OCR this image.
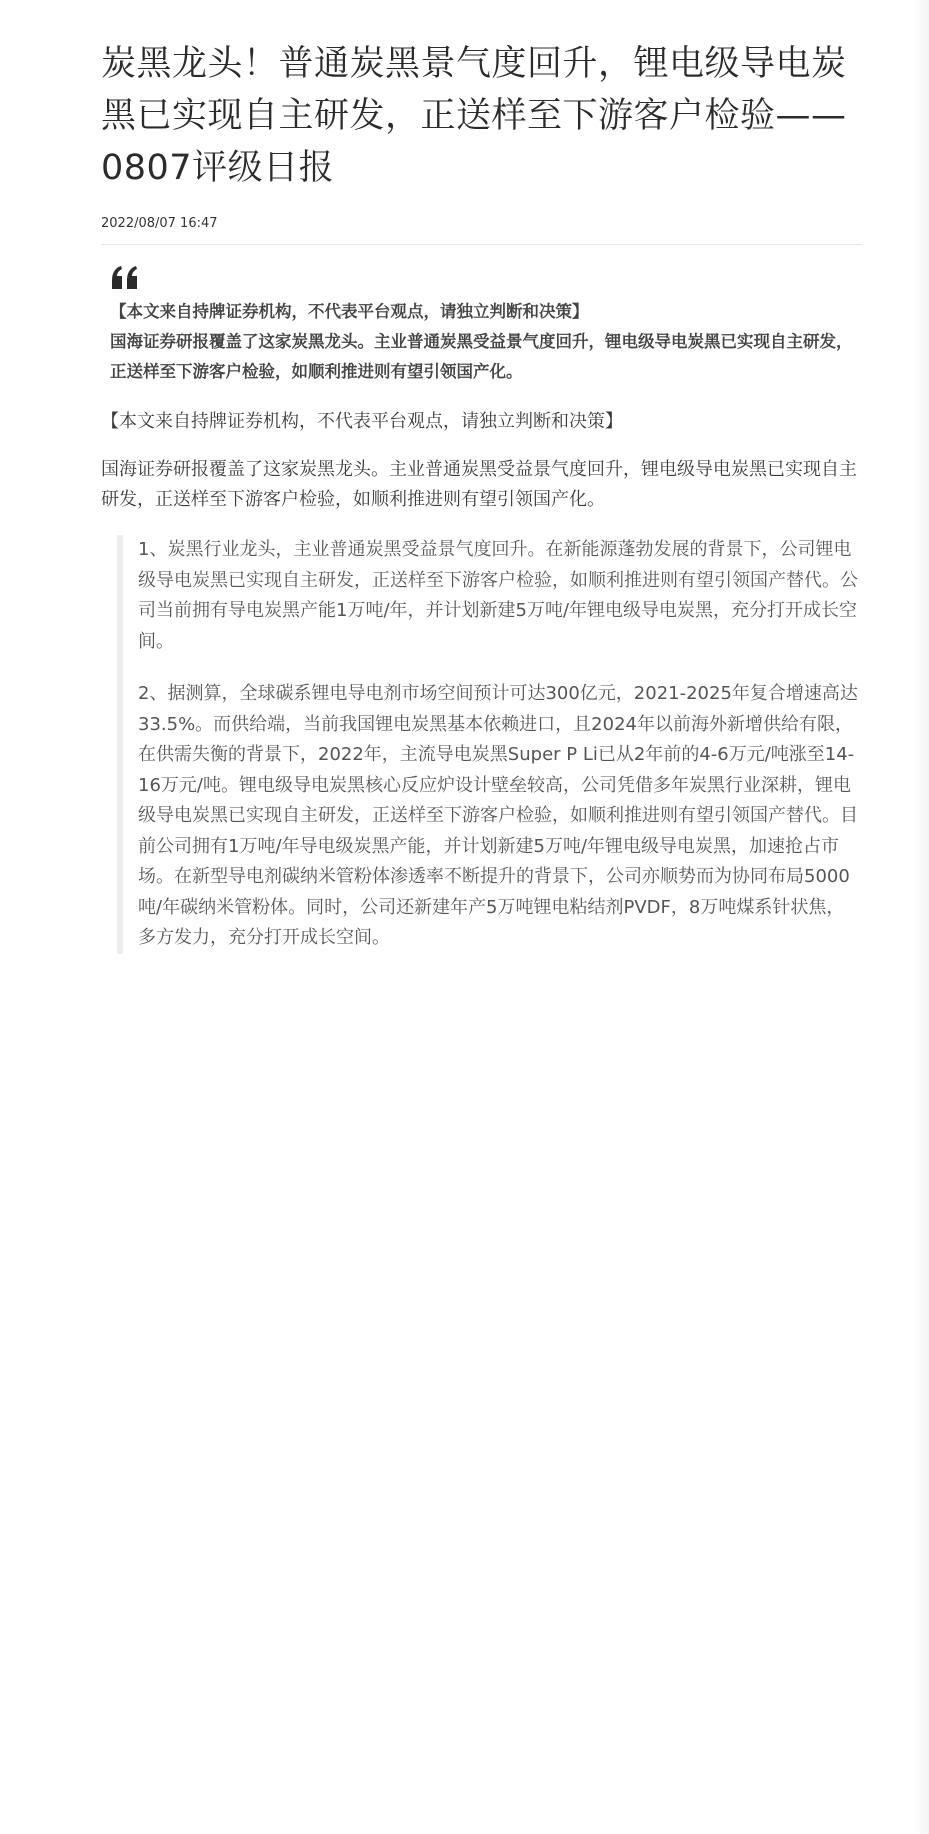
炭黑龙头！普通炭黑景气度回升，锂电级导电炭黑已实现自主研发，正送样至下游客户检验——0807评级日报
2022/08/07 16:47

【本文来自持牌证券机构，不代表平台观点，请独立判断和决策】

国海证券研报覆盖了这家炭黑龙头。主业普通炭黑受益景气度回升，锂电级导电炭黑已实现自主研发，正送样至下游客户检验，如顺利推进则有望引领国产化。

【本文来自持牌证券机构，不代表平台观点，请独立判断和决策】

国海证券研报覆盖了这家炭黑龙头。主业普通炭黑受益景气度回升，锂电级导电炭黑已实现自主研发，正送样至下游客户检验，如顺利推进则有望引领国产化。

1、炭黑行业龙头，主业普通炭黑受益景气度回升。在新能源蓬勃发展的背景下，公司锂电级导电炭黑已实现自主研发，正送样至下游客户检验，如顺利推进则有望引领国产替代。公司当前拥有导电炭黑产能1万吨/年，并计划新建5万吨/年锂电级导电炭黑，充分打开成长空间。

2、据测算，全球碳系锂电导电剂市场空间预计可达300亿元，2021-2025年复合增速高达33.5%。而供给端，当前我国锂电炭黑基本依赖进口，且2024年以前海外新增供给有限，在供需失衡的背景下，2022年，主流导电炭黑Super P Li已从2年前的4-6万元/吨涨至14-16万元/吨。锂电级导电炭黑核心反应炉设计壁垒较高，公司凭借多年炭黑行业深耕，锂电级导电炭黑已实现自主研发，正送样至下游客户检验，如顺利推进则有望引领国产替代。目前公司拥有1万吨/年导电级炭黑产能，并计划新建5万吨/年锂电级导电炭黑，加速抢占市场。在新型导电剂碳纳米管粉体渗透率不断提升的背景下，公司亦顺势而为协同布局5000吨/年碳纳米管粉体。同时，公司还新建年产5万吨锂电粘结剂PVDF，8万吨煤系针状焦，多方发力，充分打开成长空间。
